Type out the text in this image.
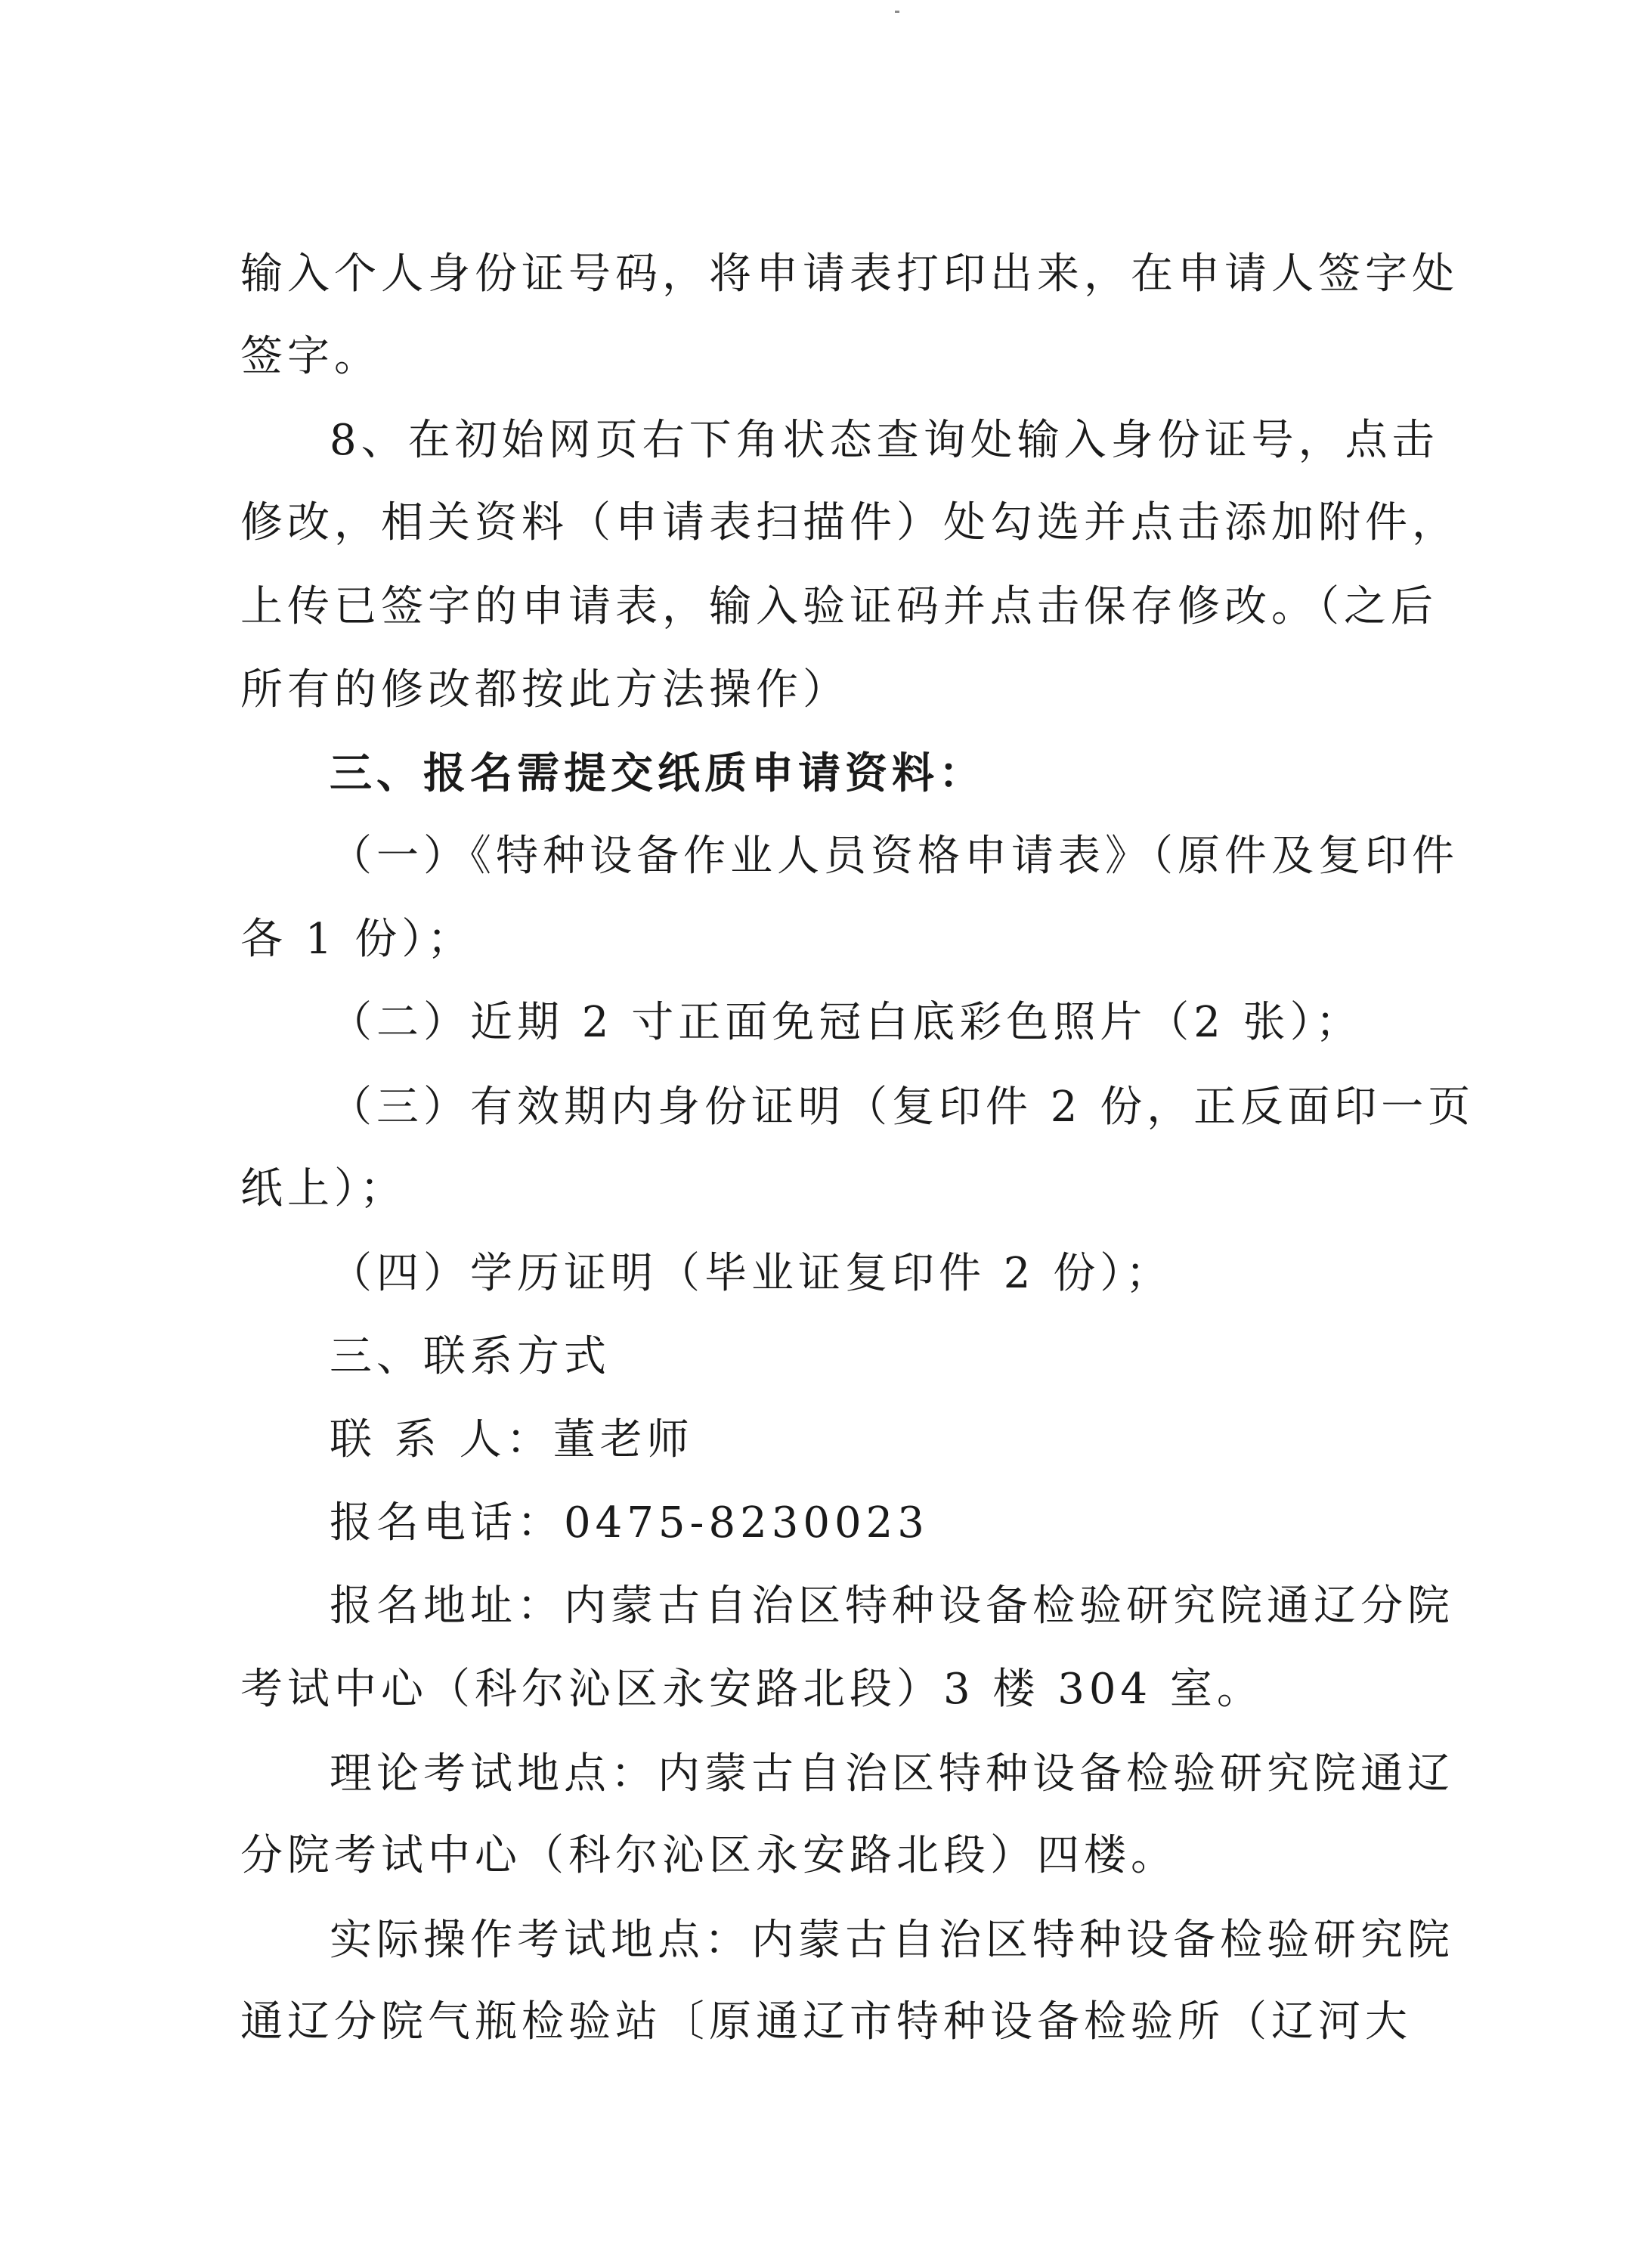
输入个人身份证号码，将申请表打印出来，在申请人签字处
签字。
8、在初始网页右下角状态查询处输入身份证号，点击
修改，相关资料（申请表扫描件）处勾选并点击添加附件，
上传已签字的申请表，输入验证码并点击保存修改。（之后
所有的修改都按此方法操作）
三、报名需提交纸质申请资料：
（一）《特种设备作业人员资格申请表》（原件及复印件
各 1 份）；
（二）近期 2 寸正面免冠白底彩色照片（2 张）；
（三）有效期内身份证明（复印件 2 份，正反面印一页
纸上）；
（四）学历证明（毕业证复印件 2 份）；
三、联系方式
联 系 人：董老师
报名电话：0475-8230023
报名地址：内蒙古自治区特种设备检验研究院通辽分院
考试中心（科尔沁区永安路北段）3 楼 304 室。
理论考试地点：内蒙古自治区特种设备检验研究院通辽
分院考试中心（科尔沁区永安路北段）四楼。
实际操作考试地点：内蒙古自治区特种设备检验研究院
通辽分院气瓶检验站〔原通辽市特种设备检验所（辽河大
